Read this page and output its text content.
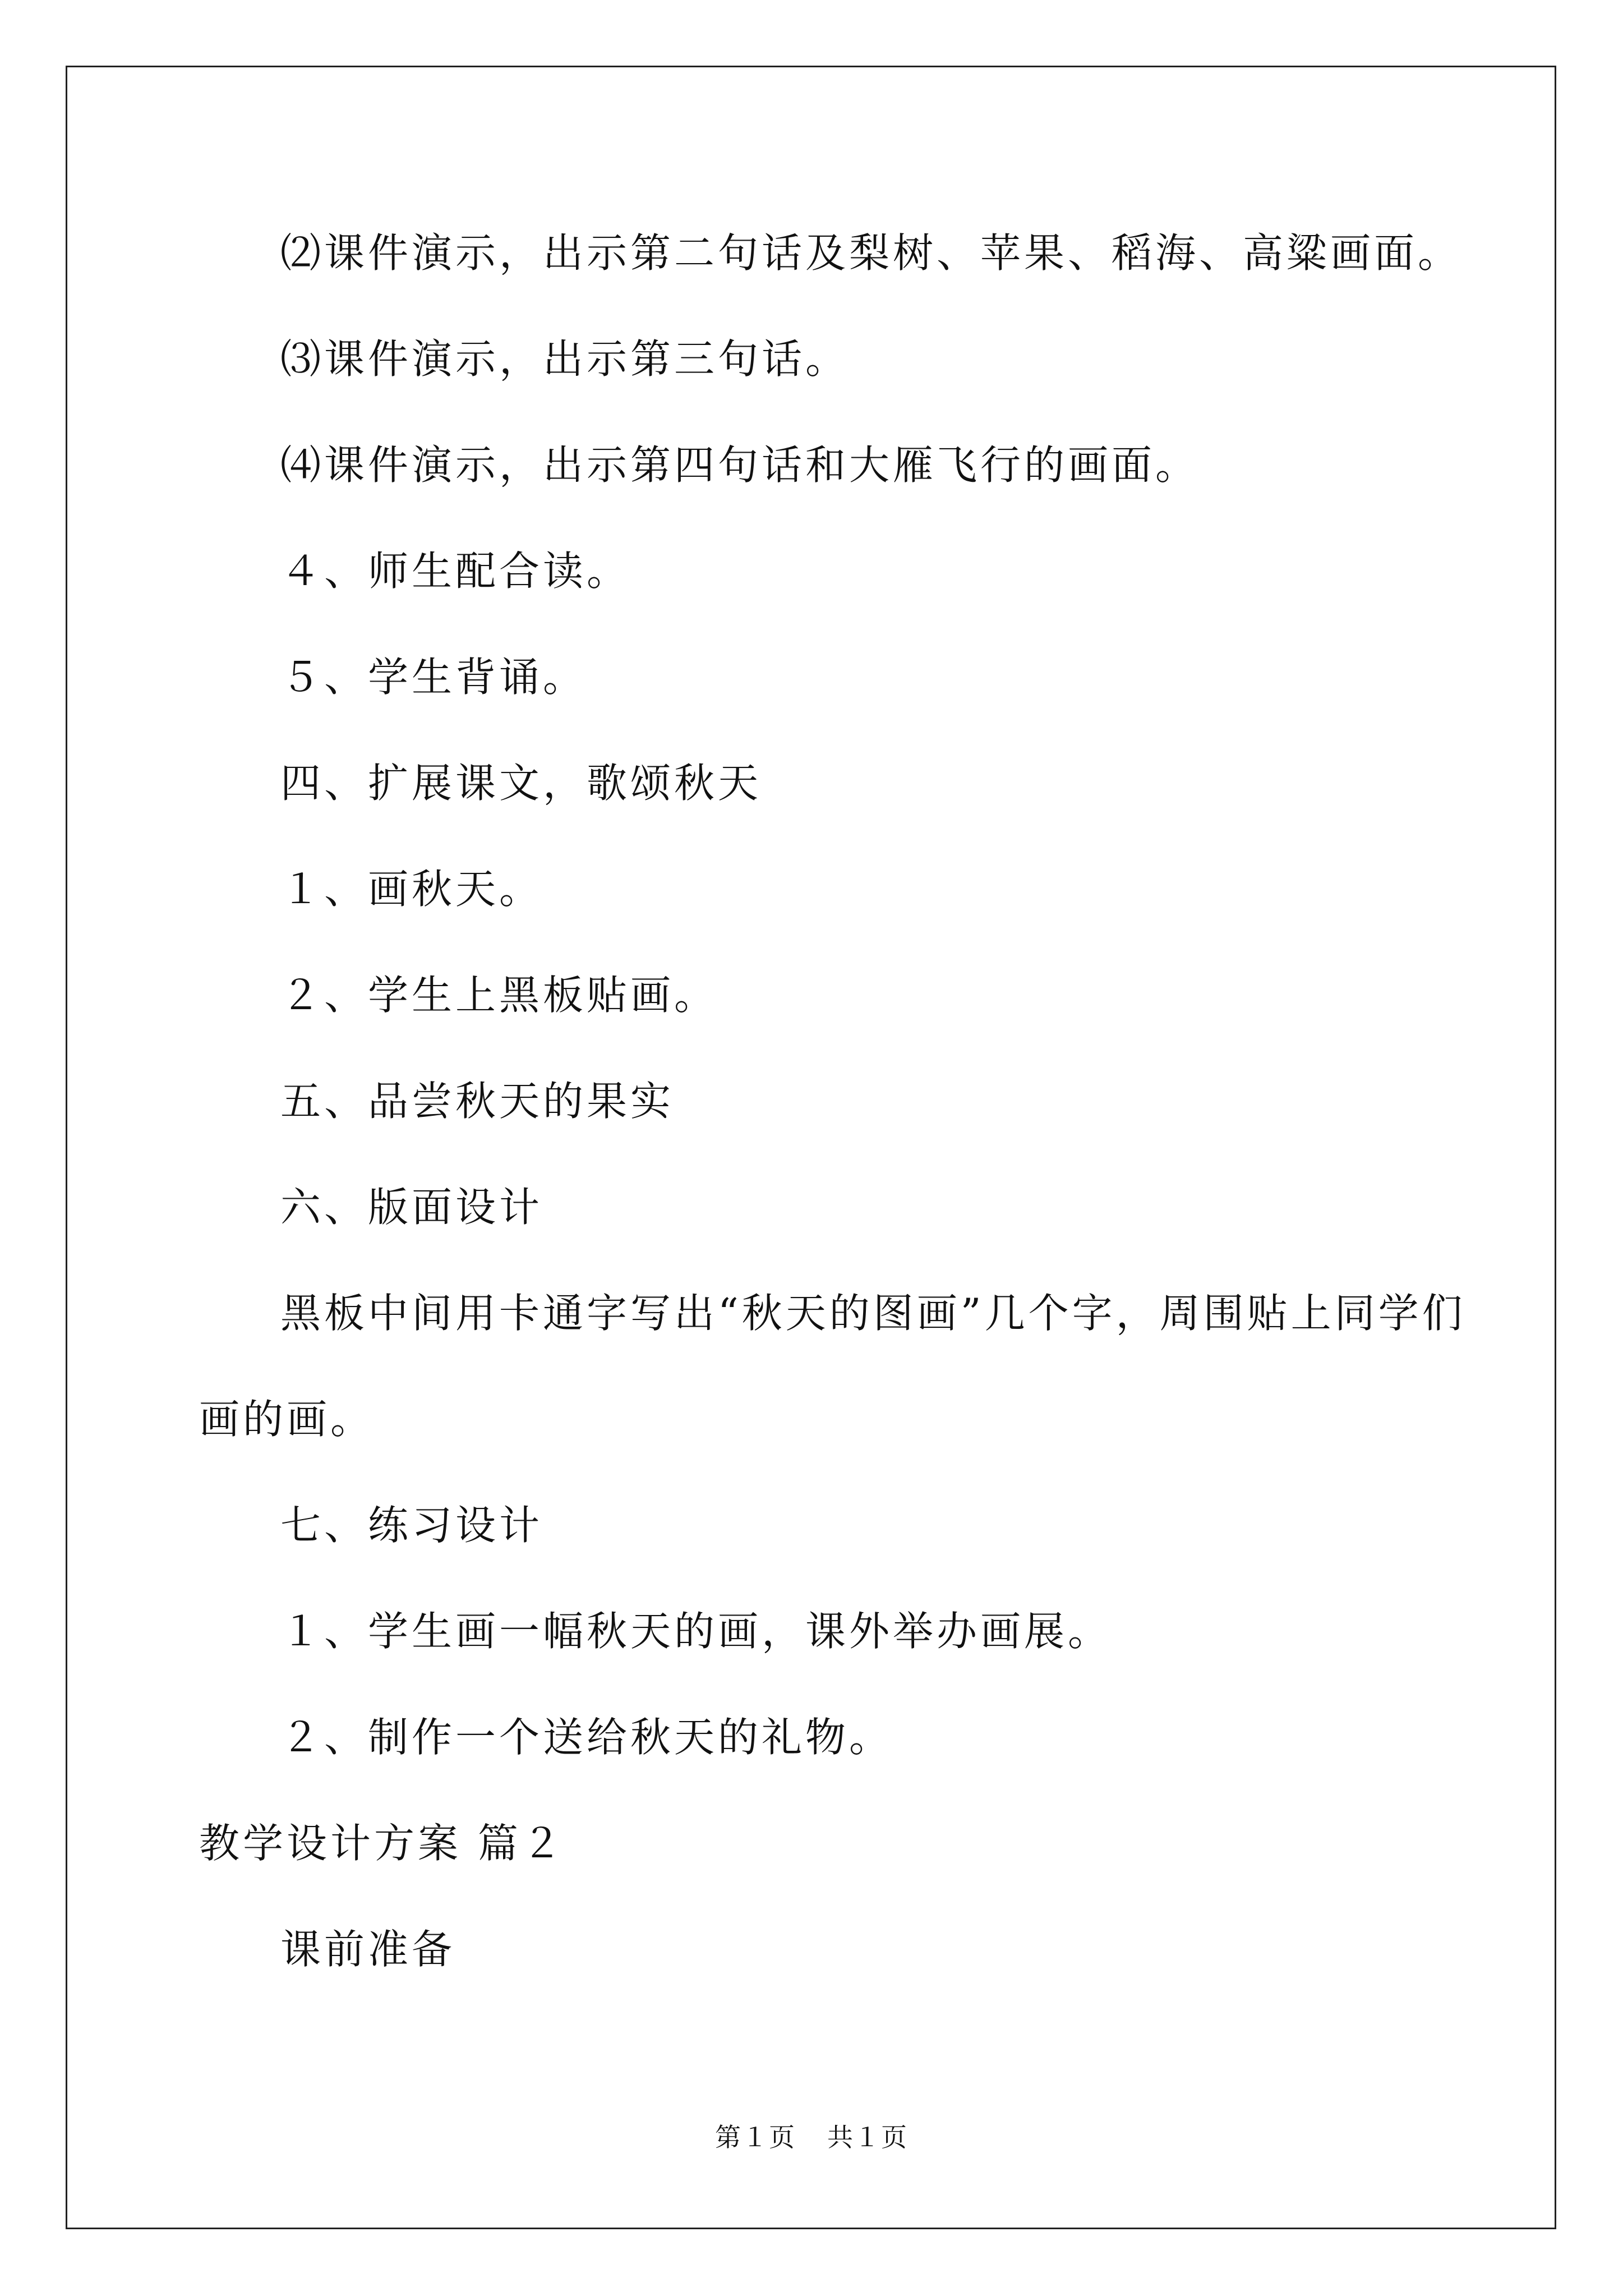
⑵课件演示，出示第二句话及梨树、苹果、稻海、高粱画面。
⑶课件演示，出示第三句话。
⑷课件演示，出示第四句话和大雁飞行的画面。
４、师生配合读。
５、学生背诵。
四、扩展课文，歌颂秋天
１、画秋天。
２、学生上黑板贴画。
五、品尝秋天的果实
六、版面设计
黑板中间用卡通字写出“秋天的图画”几个字，周围贴上同学们
画的画。
七、练习设计
１、学生画一幅秋天的画，课外举办画展。
２、制作一个送给秋天的礼物。
教学设计方案 篇２
课前准备
第１页 共１页
